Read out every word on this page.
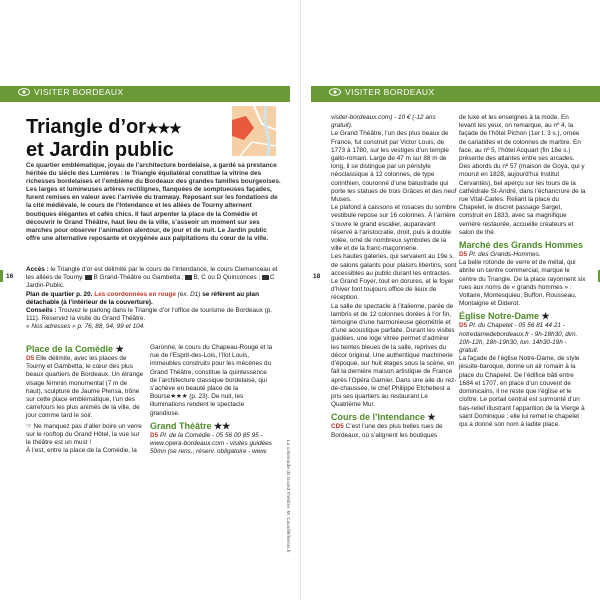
VISITER BORDEAUX
16
Triangle d’or★★★
et Jardin public
Ce quartier emblématique, joyau de l’architecture bordelaise, a gardé sa prestance héritée du siècle des Lumières : le Triangle équilatéral constitue la vitrine des richesses bordelaises et l’emblème du Bordeaux des grandes familles bourgeoises. Les larges et lumineuses artères rectilignes, flanquées de somptueuses façades, furent remises en valeur avec l’arrivée du tramway. Reposant sur les fondations de la cité médiévale, le cours de l’Intendance et les allées de Tourny alternent boutiques élégantes et cafés chics. Il faut arpenter la place de la Comédie et découvrir le Grand Théâtre, haut lieu de la ville, s’asseoir un moment sur ses marches pour observer l’animation alentour, de jour et de nuit. Le Jardin public offre une alternative reposante et oxygénée aux palpitations du cœur de la ville.
Accès : le Triangle d’or est délimité par le cours de l’Intendance, le cours Clemenceau et les allées de Tourny. B Grand-Théâtre ou Gambetta ; B, C ou D Quinconces ; C Jardin-Public.
Plan de quartier p. 20. Les coordonnées en rouge (ex. D1) se réfèrent au plan détachable (à l’intérieur de la couverture).
Conseils : Trouvez le parking dans le Triangle d’or l’office de tourisme de Bordeaux (p. 111). Réservez la visite du Grand Théâtre.
« Nos adresses » p. 76, 88, 94, 99 et 104.
Place de la Comédie ★
D5 Elle délimite, avec les places de Tourny et Gambetta, le cœur des plus beaux quartiers de Bordeaux. Un étrange visage féminin monumental (7 m de haut), sculpture de Jaume Plensa, trône sur cette place emblématique, l’un des carrefours les plus animés de la ville, de jour comme tard le soir.
☞ Ne manquez pas d’aller boire un verre sur le rooftop du Grand Hôtel, la vue sur le théâtre est un must !
À l’est, entre la place de la Comédie, la
Garonne, le cours du Chapeau-Rouge et la rue de l’Esprit-des-Lois, l’îlot Louis, immeubles construits pour les mécènes du Grand Théâtre, constitue la quintessence de l’architecture classique bordelaise, qui s’achève en beauté place de la Bourse★★★ (p. 23). De nuit, les illuminations rendent le spectacle grandiose.
Grand Théâtre ★★
D5 Pl. de la Comédie - 05 56 00 85 95 - www.opera-bordeaux.com - visites guidées 50mn (se rens., réserv. obligatoire - www.	La colonnade du Grand Théâtre. M. Cavaillé/hemis.fr
VISITER BORDEAUX
18
visiter-bordeaux.com) - 10 € (-12 ans gratuit).
Le Grand Théâtre, l’un des plus beaux de France, fut construit par Victor Louis, de 1773 à 1780, sur les vestiges d’un temple gallo-romain. Large de 47 m sur 88 m de long, il se distingue par un péristyle néoclassique à 12 colonnes, de type corinthien, couronné d’une balustrade qui porte les statues de trois Grâces et des neuf Muses.
Le plafond à caissons et rosaces du sombre vestibule repose sur 16 colonnes. À l’arrière s’ouvre le grand escalier, auparavant réservé à l’aristocratie, droit, puis à double volée, orné de nombreux symboles de la ville et de la franc-maçonnerie.
Les hautes galeries, qui servaient au 19e s. de salons galants pour plaisirs libertins, sont accessibles au public durant les entractes. Le Grand Foyer, tout en dorures, et le foyer d’hiver font toujours office de lieux de réception.
La salle de spectacle à l’italienne, parée de lambris et de 12 colonnes dorées à l’or fin, témoigne d’une harmonieuse géométrie et d’une acoustique parfaite. Durant les visites guidées, une loge vitrée permet d’admirer les teintes bleues de la salle, reprises du décor original. Une authentique machinerie d’époque, sur huit étages sous la scène, en fait la dernière maison artistique de France après l’Opéra Garnier. Dans une aile du rez-de-chaussée, le chef Philippe Etchebest a pris ses quartiers au restaurant Le Quatrième Mur.
Cours de l’Intendance ★
CD5 C’est l’une des plus belles rues de Bordeaux, où s’alignent les boutiques
de luxe et les enseignes à la mode. En levant les yeux, on remarque, au nº 4, la façade de l’hôtel Pichon (1er t. 3 s.), ornée de cariatides et de colonnes de marbre. En face, au nº 5, l’hôtel Acquart (fin 18e s.) présente des atlantes entre ses arcades. Des abords du nº 57 (maison de Goya, qui y mourut en 1828, aujourd’hui Institut Cervantès), bel aperçu sur les tours de la cathédrale St-André, dans l’échancrure de la rue Vital-Carles. Reliant la place du Chapelet, le discret passage Sarget, construit en 1833, avec sa magnifique verrière restaurée, accueille créateurs et salon de thé.
Marché des Grands Hommes
D5 Pl. des Grands-Hommes.
La belle rotonde de verre et de métal, qui abrite un centre commercial, marque le centre du Triangle. De la place rayonnent six rues aux noms de « grands hommes » : Voltaire, Montesquieu, Buffon, Rousseau, Montaigne et Diderot.
Église Notre-Dame ★
D5 Pl. du Chapelet - 05 56 81 44 21 - notredamedebordeaux.fr - 9h-18h30, dim. 10h-12h, 18h-19h30, lun. 14h30-19h - gratuit.
La façade de l’église Notre-Dame, de style jésuite-baroque, donne un air romain à la place du Chapelet. De l’édifice bâti entre 1684 et 1707, en place d’un couvent de dominicains, il ne reste que l’église et le cloître. Le portail central est surmonté d’un bas-relief illustrant l’apparition de la Vierge à saint Dominique ; elle lui remet le chapelet qui a donné son nom à ladite place.
